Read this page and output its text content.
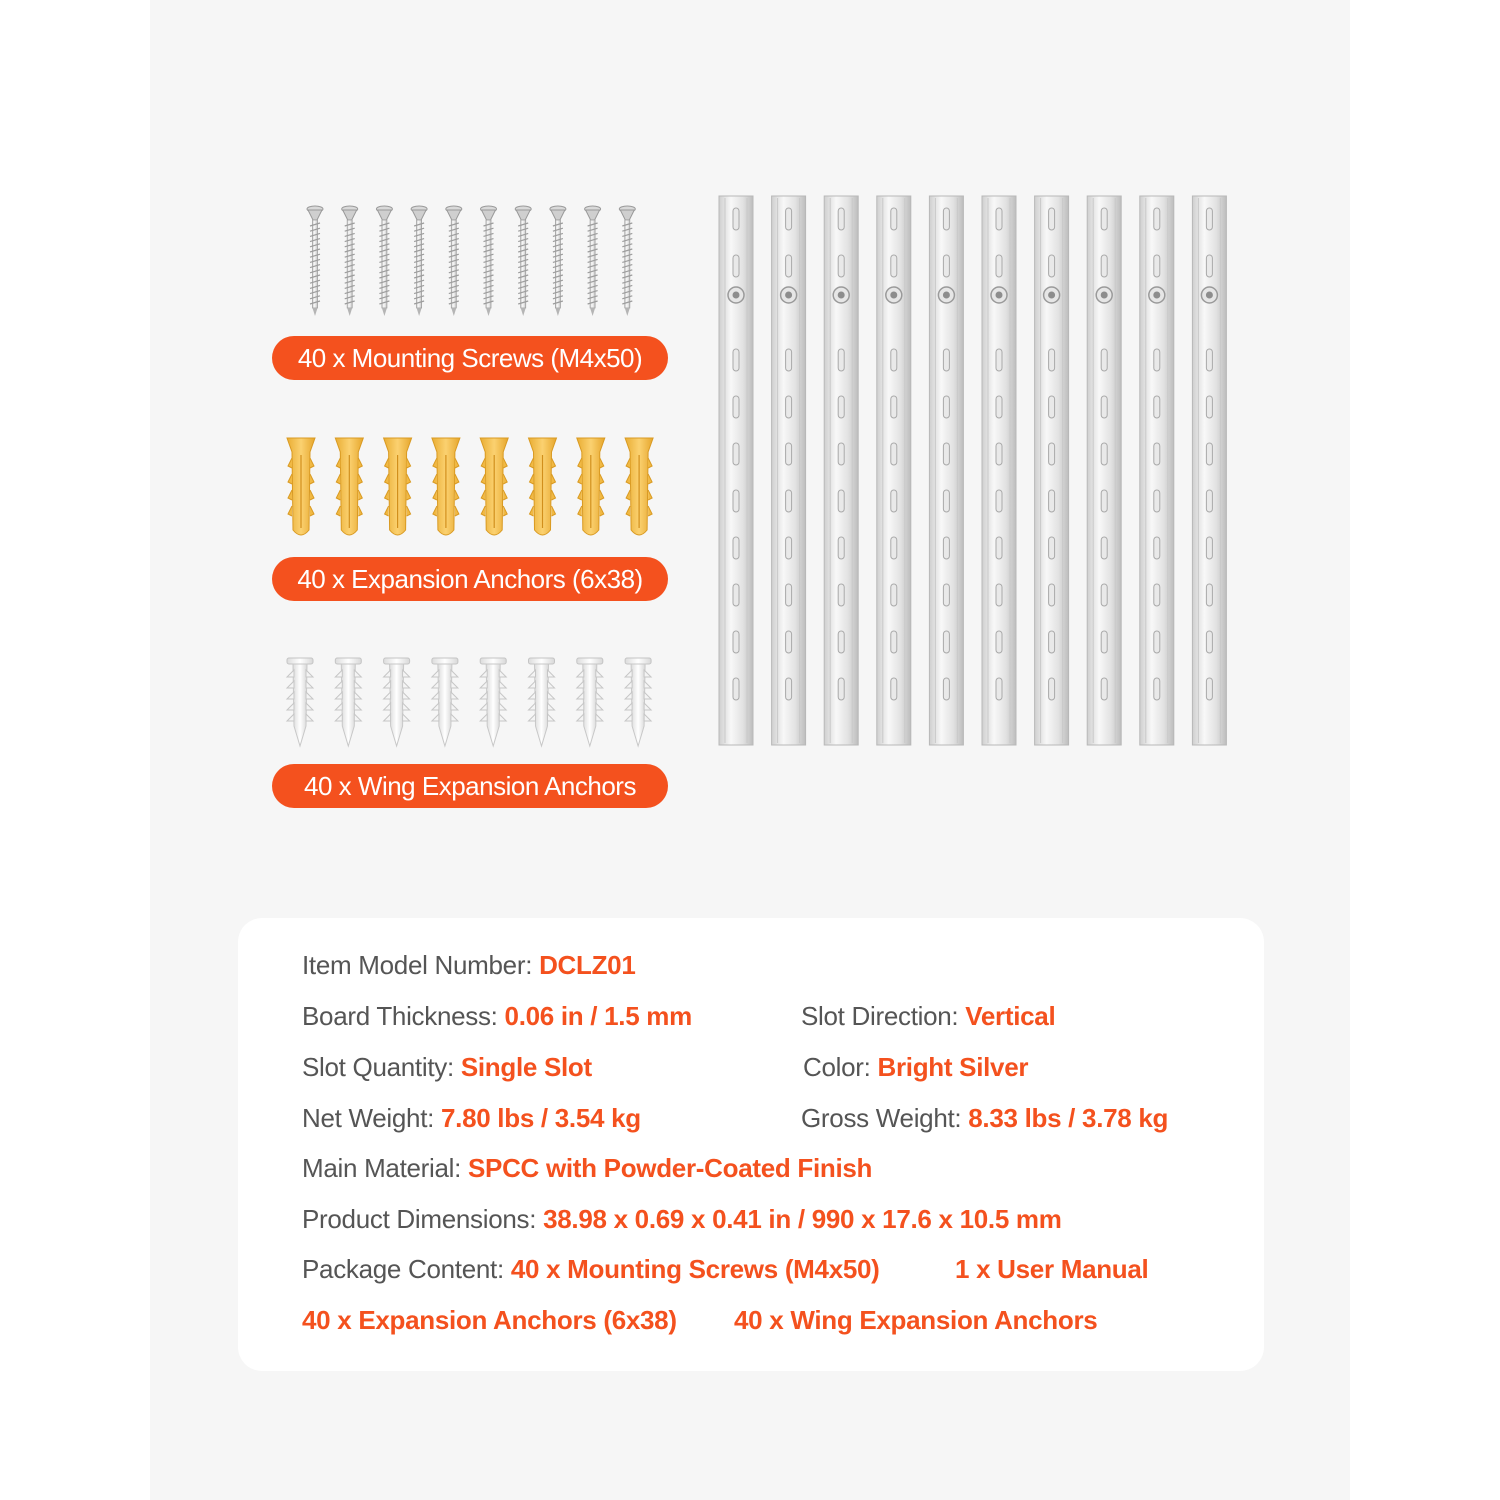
40 x Mounting Screws (M4x50)
40 x Expansion Anchors (6x38)
40 x Wing Expansion Anchors
Item Model Number: DCLZ01
Board Thickness: 0.06 in / 1.5 mm	Slot Direction: Vertical
Slot Quantity: Single Slot	Color: Bright Silver
Net Weight: 7.80 lbs / 3.54 kg	Gross Weight: 8.33 lbs / 3.78 kg
Main Material: SPCC with Powder-Coated Finish
Product Dimensions: 38.98 x 0.69 x 0.41 in / 990 x 17.6 x 10.5 mm
Package Content: 40 x Mounting Screws (M4x50)	1 x User Manual
40 x Expansion Anchors (6x38) 40 x Wing Expansion Anchors
